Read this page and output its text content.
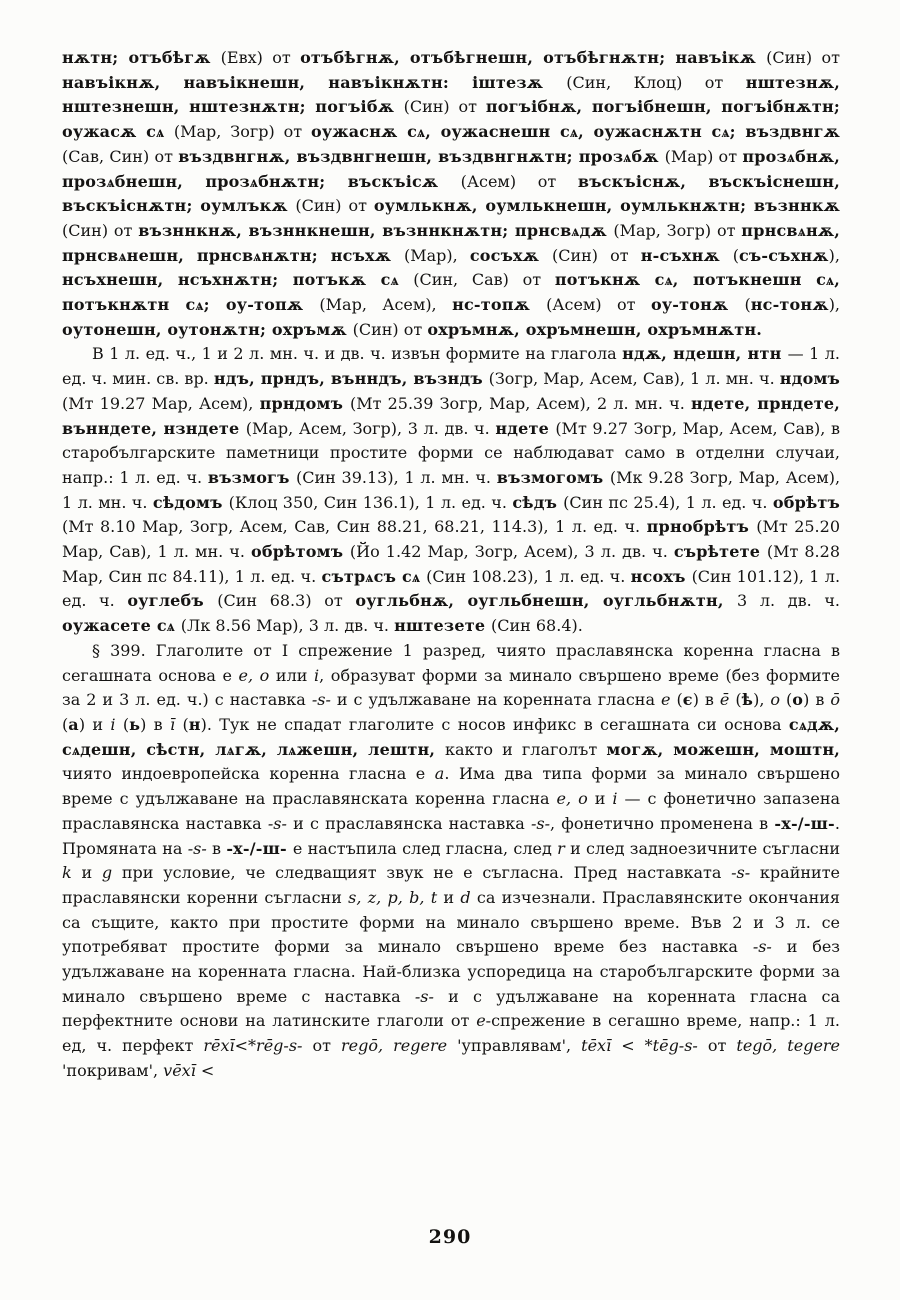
нѫтн; отъбѣгѫ (Евх) от отъбѣгнѫ, отъбѣгнешн, отъбѣгнѫтн; навъікѫ (Син) от навъікнѫ, навъікнешн, навъікнѫтн: іштезѫ (Син, Клоц) от нштезнѫ, нштезнешн, нштезнѫтн; погъібѫ (Син) от погъібнѫ, погъібнешн, погъібнѫтн; оужасѫ сѧ (Мар, Зогр) от оужаснѫ сѧ, оужаснешн сѧ, оужаснѫтн сѧ; въздвнгѫ (Сав, Син) от въздвнгнѫ, въздвнгнешн, въздвнгнѫтн; прозѧбѫ (Мар) от прозѧбнѫ, прозѧбнешн, прозѧбнѫтн; въскъісѫ (Асем) от въскъіснѫ, въскъіснешн, въскъіснѫтн; оумлъкѫ (Син) от оумлькнѫ, оумлькнешн, оумлькнѫтн; възннкѫ (Син) от възннкнѫ, възннкнешн, възннкнѫтн; прнсвѧдѫ (Мар, Зогр) от прнсвѧнѫ, прнсвѧнешн, прнсвѧнѫтн; нсъхѫ (Мар), сосъхѫ (Син) от н-съхнѫ (съ-съхнѫ), нсъхнешн, нсъхнѫтн; потъкѫ сѧ (Син, Сав) от потъкнѫ сѧ, потъкнешн сѧ, потъкнѫтн сѧ; оу-топѫ (Мар, Асем), нс-топѫ (Асем) от оу-тонѫ (нс-тонѫ), оутонешн, оутонѫтн; охръмѫ (Син) от охръмнѫ, охръмнешн, охръмнѫтн.

В 1 л. ед. ч., 1 и 2 л. мн. ч. и дв. ч. извън формите на глагола ндѫ, ндешн, нтн — 1 л. ед. ч. мин. св. вр. ндъ, прндъ, вънндъ, възндъ (Зогр, Мар, Асем, Сав), 1 л. мн. ч. ндомъ (Мт 19.27 Мар, Асем), прндомъ (Мт 25.39 Зогр, Мар, Асем), 2 л. мн. ч. ндете, прндете, вънндете, нзндете (Мар, Асем, Зогр), 3 л. дв. ч. ндете (Мт 9.27 Зогр, Мар, Асем, Сав), в старобългарските паметници простите форми се наблюдават само в отделни случаи, напр.: 1 л. ед. ч. възмогъ (Син 39.13), 1 л. мн. ч. възмогомъ (Мк 9.28 Зогр, Мар, Асем), 1 л. мн. ч. сѣдомъ (Клоц 350, Син 136.1), 1 л. ед. ч. сѣдъ (Син пс 25.4), 1 л. ед. ч. обрѣтъ (Мт 8.10 Мар, Зогр, Асем, Сав, Син 88.21, 68.21, 114.3), 1 л. ед. ч. прнобрѣтъ (Мт 25.20 Мар, Сав), 1 л. мн. ч. обрѣтомъ (Йо 1.42 Мар, Зогр, Асем), 3 л. дв. ч. сърѣтете (Мт 8.28 Мар, Син пс 84.11), 1 л. ед. ч. сътрѧсъ сѧ (Син 108.23), 1 л. ед. ч. нсохъ (Син 101.12), 1 л. ед. ч. оуглебъ (Син 68.3) от оугльбнѫ, оугльбнешн, оугльбнѫтн, 3 л. дв. ч. оужасете сѧ (Лк 8.56 Мар), 3 л. дв. ч. нштезете (Син 68.4).

§ 399. Глаголите от I спрежение 1 разред, чиято праславянска коренна гласна в сегашната основа е e, o или i, образуват форми за минало свършено време (без формите за 2 и 3 л. ед. ч.) с наставка -s- и с удължаване на коренната гласна e (є) в ē (ѣ), o (о) в ō (а) и i (ь) в ī (н). Тук не спадат глаголите с носов инфикс в сегашната си основа сѧдѫ, сѧдешн, сѣстн, лѧгѫ, лѧжешн, лештн, както и глаголът могѫ, можешн, моштн, чиято индоевропейска коренна гласна е a. Има два типа форми за минало свършено време с удължаване на праславянската коренна гласна e, o и i — с фонетично запазена праславянска наставка -s- и с праславянска наставка -s-, фонетично променена в -х-/-ш-. Промяната на -s- в -х-/-ш- е настъпила след гласна, след r и след задноезичните съгласни k и g при условие, че следващият звук не е съгласна. Пред наставката -s- крайните праславянски коренни съгласни s, z, p, b, t и d са изчезнали. Праславянските окончания са същите, както при простите форми на минало свършено време. Във 2 и 3 л. се употребяват простите форми за минало свършено време без наставка -s- и без удължаване на коренната гласна. Най-близка успоредица на старобългарските форми за минало свършено време с наставка -s- и с удължаване на коренната гласна са перфектните основи на латинските глаголи от e-спрежение в сегашно време, напр.: 1 л. ед, ч. перфект rēxī<*rēg-s- от regō, regere 'управлявам', tēxī < *tēg-s- от tegō, tegere 'покривам', vēxī <

290
